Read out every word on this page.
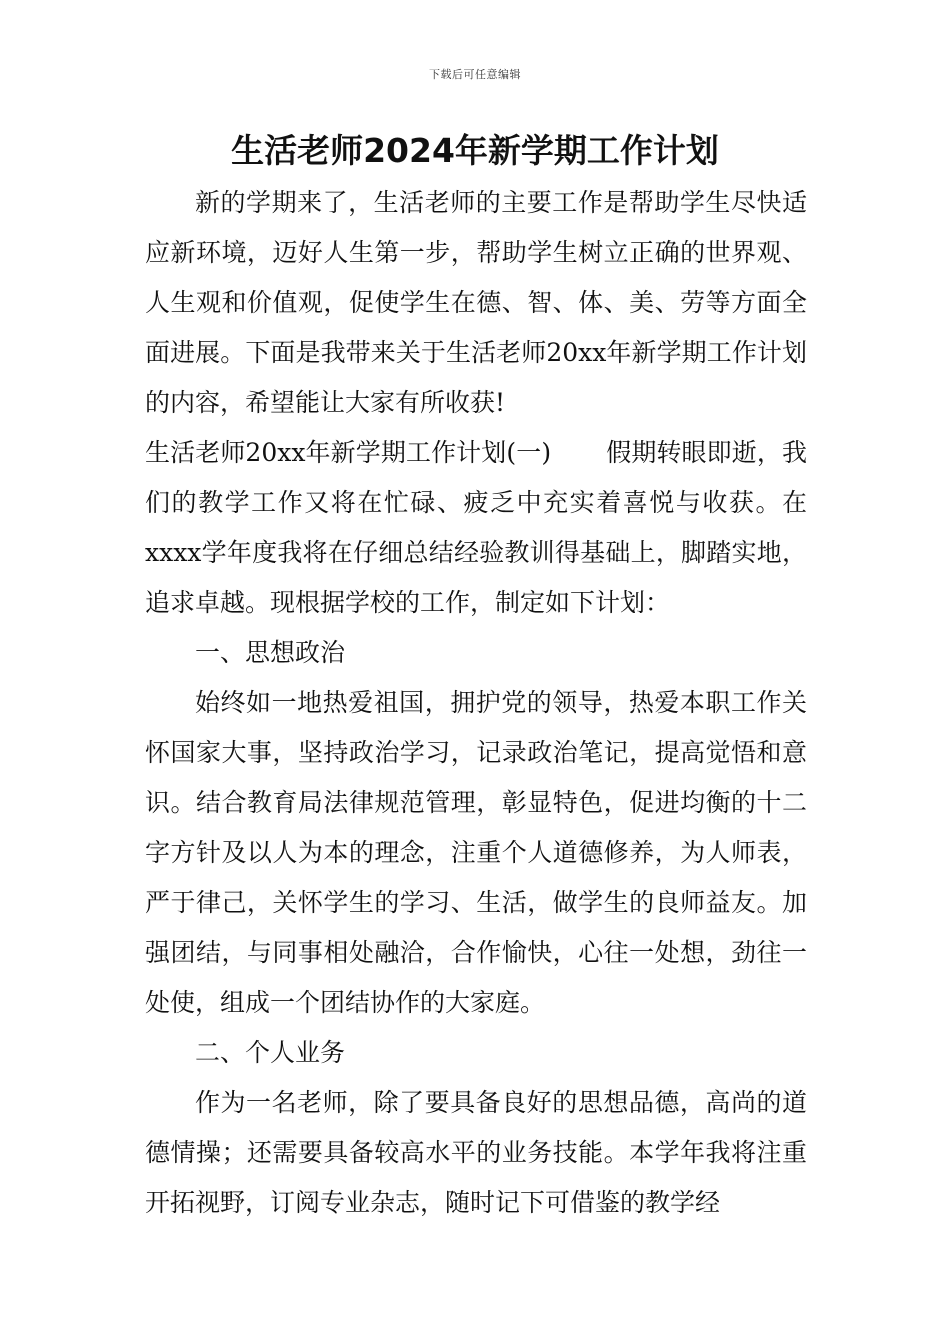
下载后可任意编辑
生活老师2024年新学期工作计划

新的学期来了，生活老师的主要工作是帮助学生尽快适应新环境，迈好人生第一步，帮助学生树立正确的世界观、人生观和价值观，促使学生在德、智、体、美、劳等方面全面进展。下面是我带来关于生活老师20xx年新学期工作计划的内容，希望能让大家有所收获!

生活老师20xx年新学期工作计划(一) 假期转眼即逝，我们的教学工作又将在忙碌、疲乏中充实着喜悦与收获。在xxxx学年度我将在仔细总结经验教训得基础上，脚踏实地，追求卓越。现根据学校的工作，制定如下计划：

一、思想政治

始终如一地热爱祖国，拥护党的领导，热爱本职工作关怀国家大事，坚持政治学习，记录政治笔记，提高觉悟和意识。结合教育局法律规范管理，彰显特色，促进均衡的十二字方针及以人为本的理念，注重个人道德修养，为人师表，严于律己，关怀学生的学习、生活，做学生的良师益友。加强团结，与同事相处融洽，合作愉快，心往一处想，劲往一处使，组成一个团结协作的大家庭。

二、个人业务

作为一名老师，除了要具备良好的思想品德，高尚的道德情操；还需要具备较高水平的业务技能。本学年我将注重开拓视野，订阅专业杂志，随时记下可借鉴的教学经
